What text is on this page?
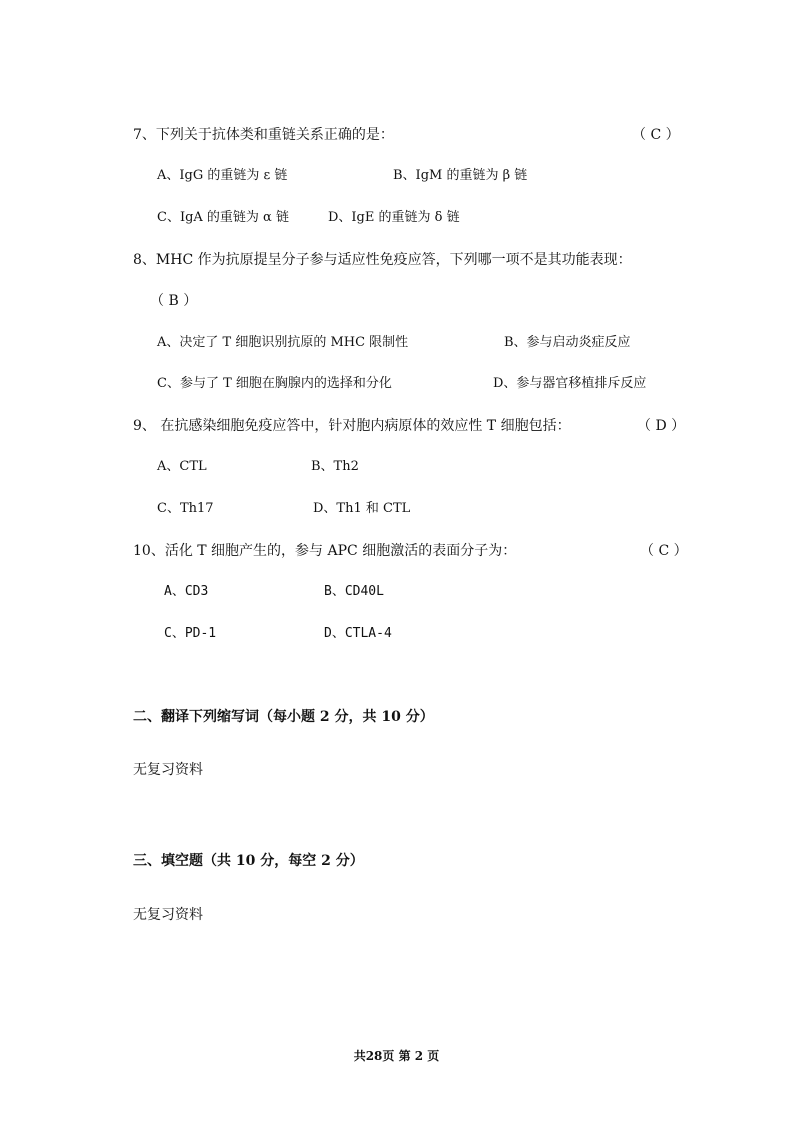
7、下列关于抗体类和重链关系正确的是：	（ C ）
A、IgG 的重链为 ε 链	B、IgM 的重链为 β 链
C、IgA 的重链为 α 链	D、IgE 的重链为 δ 链
8、MHC 作为抗原提呈分子参与适应性免疫应答，下列哪一项不是其功能表现：
（ B ）
A、决定了 T 细胞识别抗原的 MHC 限制性	B、参与启动炎症反应
C、参与了 T 细胞在胸腺内的选择和分化	D、参与器官移植排斥反应
9、 在抗感染细胞免疫应答中，针对胞内病原体的效应性 T 细胞包括：	（ D ）
A、CTL	B、Th2
C、Th17	D、Th1 和 CTL
10、活化 T 细胞产生的，参与 APC 细胞激活的表面分子为：	（ C ）
A、CD3	B、CD40L
C、PD-1	D、CTLA-4
二、翻译下列缩写词（每小题 2 分，共 10 分）
无复习资料
三、填空题（共 10 分，每空 2 分）
无复习资料
共28页 第 2 页
